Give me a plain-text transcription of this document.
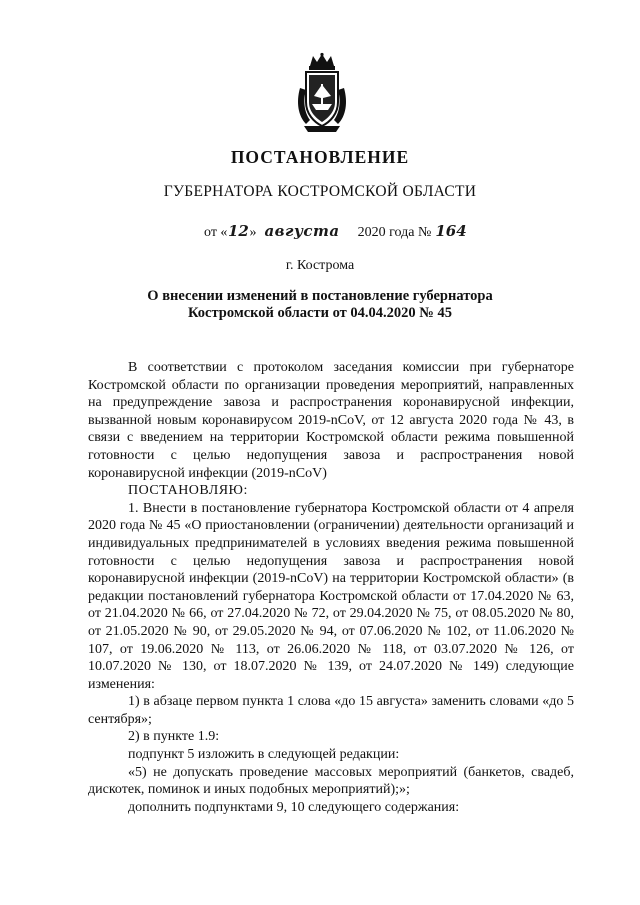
ПОСТАНОВЛЕНИЕ
ГУБЕРНАТОРА КОСТРОМСКОЙ ОБЛАСТИ
от «12» августа 2020 года № 164
г. Кострома
О внесении изменений в постановление губернатора
Костромской области от 04.04.2020 № 45

В соответствии с протоколом заседания комиссии при губернаторе Костромской области по организации проведения мероприятий, направленных на предупреждение завоза и распространения коронавирусной инфекции, вызванной новым коронавирусом 2019-nCoV, от 12 августа 2020 года № 43, в связи с введением на территории Костромской области режима повышенной готовности с целью недопущения завоза и распространения новой коронавирусной инфекции (2019-nCoV)

ПОСТАНОВЛЯЮ:

1. Внести в постановление губернатора Костромской области от 4 апреля 2020 года № 45 «О приостановлении (ограничении) деятельности организаций и индивидуальных предпринимателей в условиях введения режима повышенной готовности с целью недопущения завоза и распространения новой коронавирусной инфекции (2019-nCoV) на территории Костромской области» (в редакции постановлений губернатора Костромской области от 17.04.2020 № 63, от 21.04.2020 № 66, от 27.04.2020 № 72, от 29.04.2020 № 75, от 08.05.2020 № 80, от 21.05.2020 № 90, от 29.05.2020 № 94, от 07.06.2020 № 102, от 11.06.2020 № 107, от 19.06.2020 № 113, от 26.06.2020 № 118, от 03.07.2020 № 126, от 10.07.2020 № 130, от 18.07.2020 № 139, от 24.07.2020 № 149) следующие изменения:

1) в абзаце первом пункта 1 слова «до 15 августа» заменить словами «до 5 сентября»;

2) в пункте 1.9:

подпункт 5 изложить в следующей редакции:

«5) не допускать проведение массовых мероприятий (банкетов, свадеб, дискотек, поминок и иных подобных мероприятий);»;

дополнить подпунктами 9, 10 следующего содержания:
